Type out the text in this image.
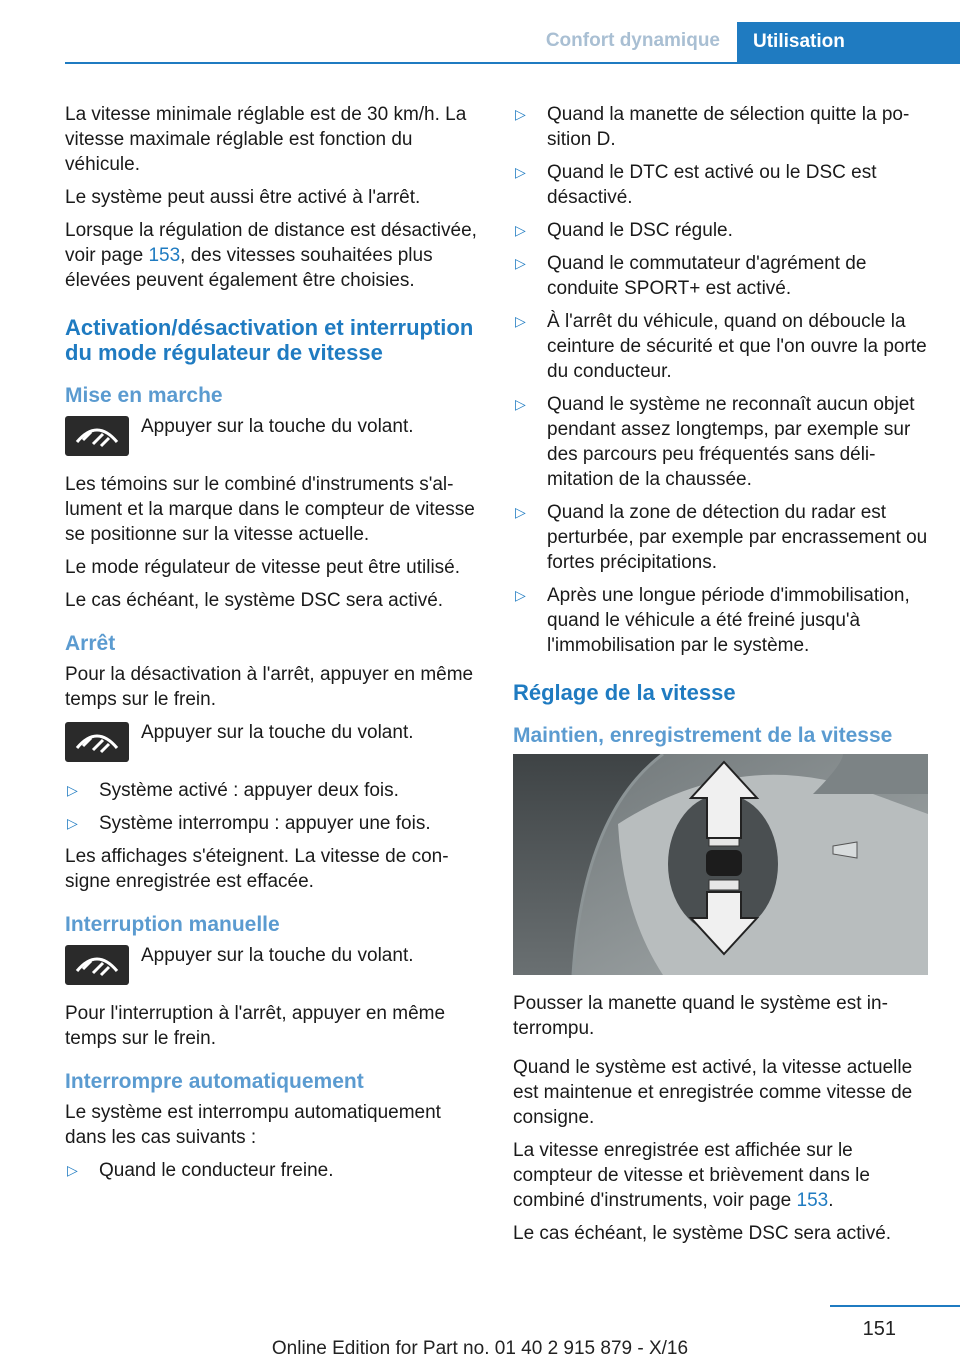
Confort dynamique	Utilisation

La vitesse minimale réglable est de 30 km/h. La vitesse maximale réglable est fonction du véhicule.

Le système peut aussi être activé à l'arrêt.

Lorsque la régulation de distance est désactivée, voir page 153, des vitesses souhaitées plus élevées peuvent également être choisies.

Activation/désactivation et interruption du mode régulateur de vitesse
Mise en marche
Appuyer sur la touche du volant.

Les témoins sur le combiné d'instruments s'allument et la marque dans le compteur de vitesse se positionne sur la vitesse actuelle.

Le mode régulateur de vitesse peut être utilisé.

Le cas échéant, le système DSC sera activé.

Arrêt

Pour la désactivation à l'arrêt, appuyer en même temps sur le frein.

Appuyer sur la touche du volant.
▷ Système activé : appuyer deux fois.
▷ Système interrompu : appuyer une fois.

Les affichages s'éteignent. La vitesse de consigne enregistrée est effacée.

Interruption manuelle
Appuyer sur la touche du volant.

Pour l'interruption à l'arrêt, appuyer en même temps sur le frein.

Interrompre automatiquement

Le système est interrompu automatiquement dans les cas suivants :

▷ Quand le conducteur freine.
▷ Quand la manette de sélection quitte la position D.
▷ Quand le DTC est activé ou le DSC est désactivé.
▷ Quand le DSC régule.
▷ Quand le commutateur d'agrément de conduite SPORT+ est activé.
▷ À l'arrêt du véhicule, quand on déboucle la ceinture de sécurité et que l'on ouvre la porte du conducteur.
▷ Quand le système ne reconnaît aucun objet pendant assez longtemps, par exemple sur des parcours peu fréquentés sans délimitation de la chaussée.
▷ Quand la zone de détection du radar est perturbée, par exemple par encrassement ou fortes précipitations.
▷ Après une longue période d'immobilisation, quand le véhicule a été freiné jusqu'à l'immobilisation par le système.
Réglage de la vitesse
Maintien, enregistrement de la vitesse

Pousser la manette quand le système est interrompu.

Quand le système est activé, la vitesse actuelle est maintenue et enregistrée comme vitesse de consigne.

La vitesse enregistrée est affichée sur le compteur de vitesse et brièvement dans le combiné d'instruments, voir page 153.

Le cas échéant, le système DSC sera activé.

151
Online Edition for Part no. 01 40 2 915 879 - X/16
